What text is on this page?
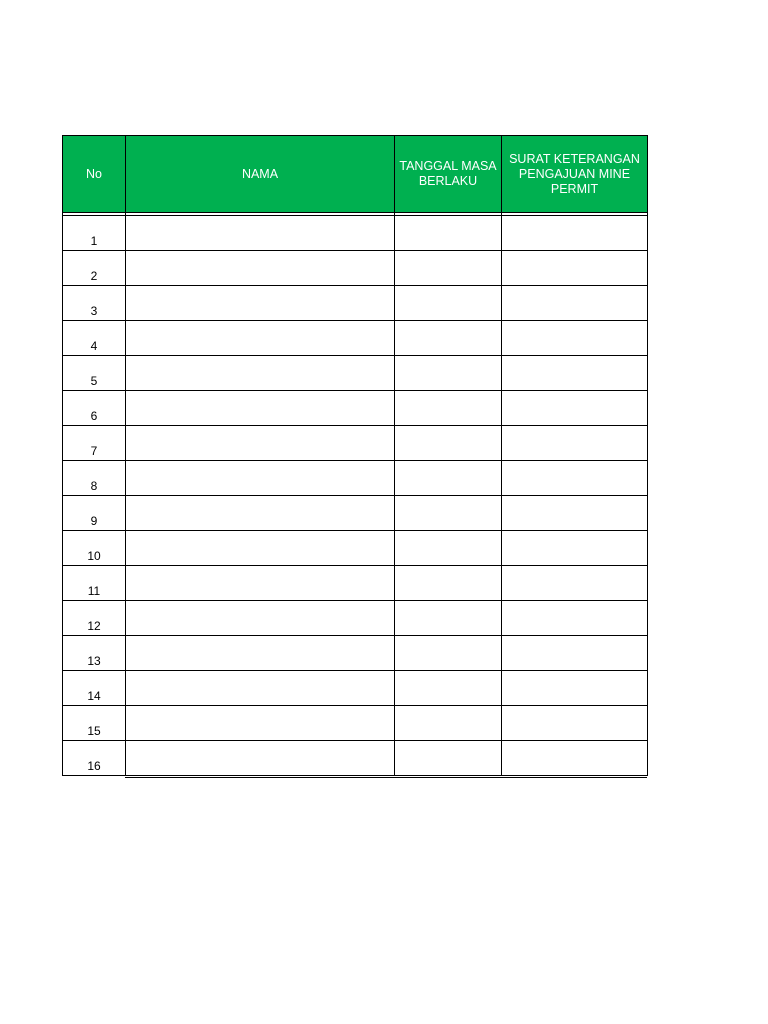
No	NAMA	TANGGAL MASA BERLAKU	SURAT KETERANGAN PENGAJUAN MINE PERMIT

1			
2			
3			
4			
5			
6			
7			
8			
9			
10			
11			
12			
13			
14			
15			
16			
